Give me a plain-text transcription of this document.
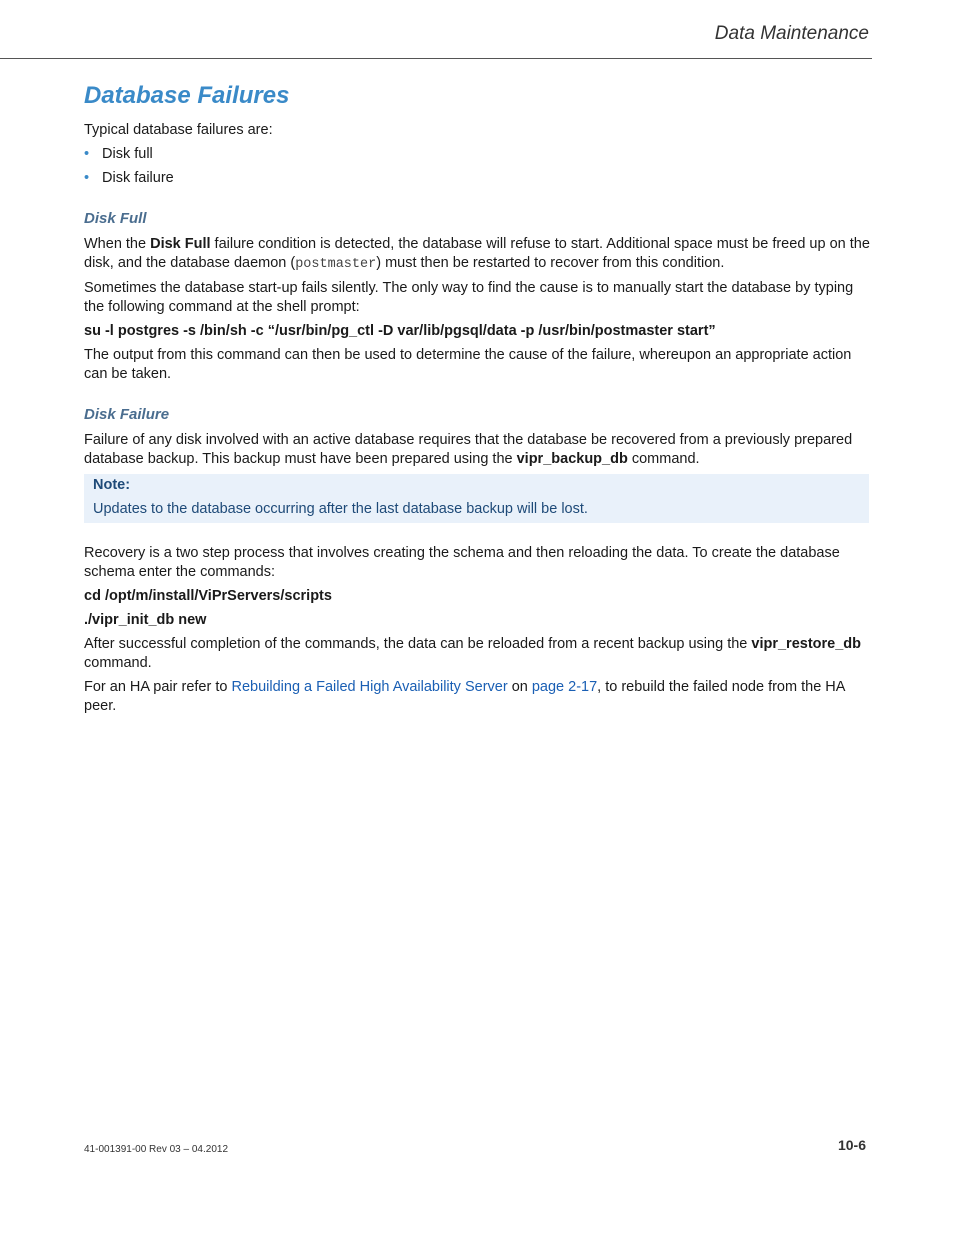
Data Maintenance
Database Failures

Typical database failures are:

• Disk full
• Disk failure
Disk Full

When the Disk Full failure condition is detected, the database will refuse to start. Additional space must be freed up on the disk, and the database daemon (postmaster) must then be restarted to recover from this condition.

Sometimes the database start-up fails silently. The only way to find the cause is to manually start the database by typing the following command at the shell prompt:

su -l postgres -s /bin/sh -c “/usr/bin/pg_ctl -D var/lib/pgsql/data -p /usr/bin/postmaster start”

The output from this command can then be used to determine the cause of the failure, whereupon an appropriate action can be taken.

Disk Failure

Failure of any disk involved with an active database requires that the database be recovered from a previously prepared database backup. This backup must have been prepared using the vipr_backup_db command.

Note:
Updates to the database occurring after the last database backup will be lost.

Recovery is a two step process that involves creating the schema and then reloading the data. To create the database schema enter the commands:

cd /opt/m/install/ViPrServers/scripts

./vipr_init_db new

After successful completion of the commands, the data can be reloaded from a recent backup using the vipr_restore_db command.

For an HA pair refer to Rebuilding a Failed High Availability Server on page 2-17, to rebuild the failed node from the HA peer.

41-001391-00 Rev 03 – 04.2012	10-6
